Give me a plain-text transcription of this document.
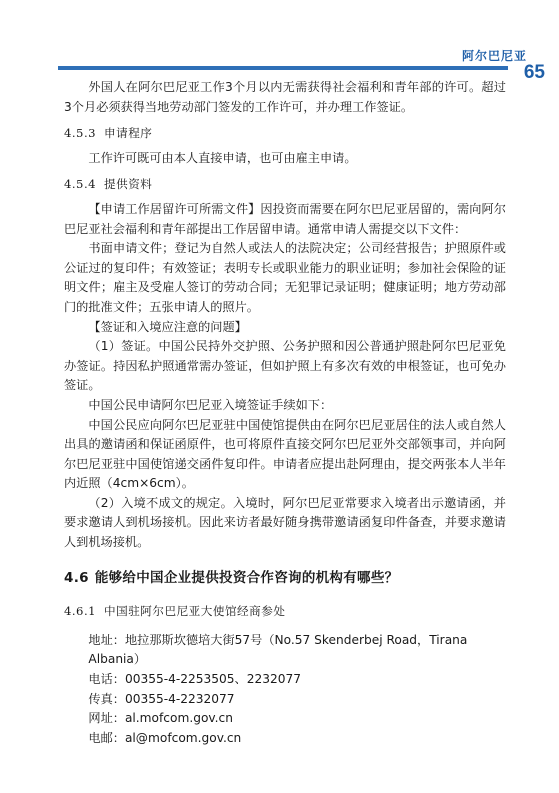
阿尔巴尼亚
65

外国人在阿尔巴尼亚工作3个月以内无需获得社会福利和青年部的许可。超过3个月必须获得当地劳动部门签发的工作许可，并办理工作签证。

4.5.3 申请程序

工作许可既可由本人直接申请，也可由雇主申请。

4.5.4 提供资料

【申请工作居留许可所需文件】因投资而需要在阿尔巴尼亚居留的，需向阿尔巴尼亚社会福利和青年部提出工作居留申请。通常申请人需提交以下文件：

书面申请文件；登记为自然人或法人的法院决定；公司经营报告；护照原件或公证过的复印件；有效签证；表明专长或职业能力的职业证明；参加社会保险的证明文件；雇主及受雇人签订的劳动合同；无犯罪记录证明；健康证明；地方劳动部门的批准文件；五张申请人的照片。

【签证和入境应注意的问题】

（1）签证。中国公民持外交护照、公务护照和因公普通护照赴阿尔巴尼亚免办签证。持因私护照通常需办签证，但如护照上有多次有效的申根签证，也可免办签证。

中国公民申请阿尔巴尼亚入境签证手续如下：

中国公民应向阿尔巴尼亚驻中国使馆提供由在阿尔巴尼亚居住的法人或自然人出具的邀请函和保证函原件，也可将原件直接交阿尔巴尼亚外交部领事司，并向阿尔巴尼亚驻中国使馆递交函件复印件。申请者应提出赴阿理由，提交两张本人半年内近照（4cm×6cm）。

（2）入境不成文的规定。入境时，阿尔巴尼亚常要求入境者出示邀请函，并要求邀请人到机场接机。因此来访者最好随身携带邀请函复印件备查，并要求邀请人到机场接机。

4.6 能够给中国企业提供投资合作咨询的机构有哪些？
4.6.1 中国驻阿尔巴尼亚大使馆经商参处

地址：地拉那斯坎德培大街57号（No.57 Skenderbej Road，Tirana Albania）

电话：00355-4-2253505、2232077

传真：00355-4-2232077

网址：al.mofcom.gov.cn

电邮：al@mofcom.gov.cn
